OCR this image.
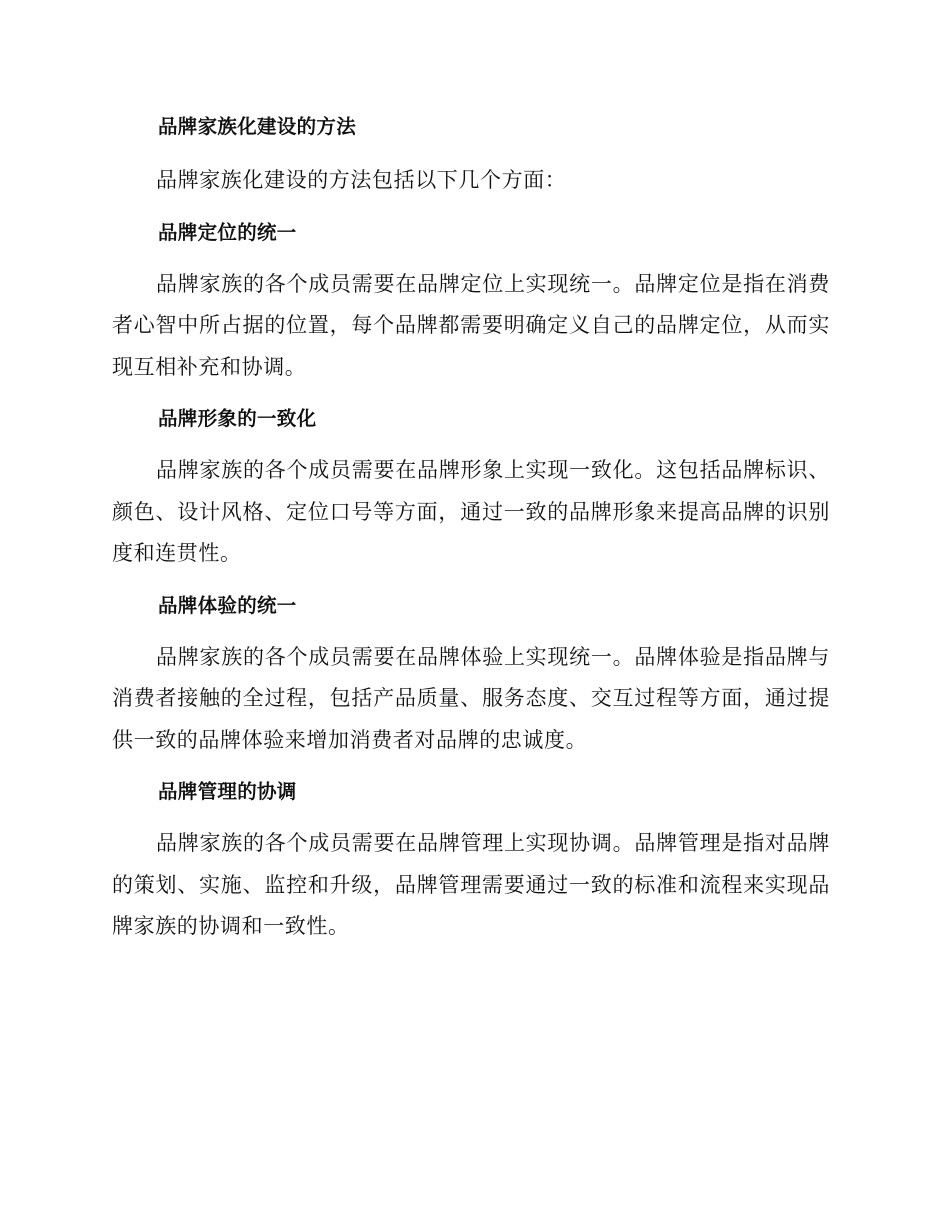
品牌家族化建设的方法

品牌家族化建设的方法包括以下几个方面：

品牌定位的统一

品牌家族的各个成员需要在品牌定位上实现统一。品牌定位是指在消费者心智中所占据的位置，每个品牌都需要明确定义自己的品牌定位，从而实现互相补充和协调。

品牌形象的一致化

品牌家族的各个成员需要在品牌形象上实现一致化。这包括品牌标识、颜色、设计风格、定位口号等方面，通过一致的品牌形象来提高品牌的识别度和连贯性。

品牌体验的统一

品牌家族的各个成员需要在品牌体验上实现统一。品牌体验是指品牌与消费者接触的全过程，包括产品质量、服务态度、交互过程等方面，通过提供一致的品牌体验来增加消费者对品牌的忠诚度。

品牌管理的协调

品牌家族的各个成员需要在品牌管理上实现协调。品牌管理是指对品牌的策划、实施、监控和升级，品牌管理需要通过一致的标准和流程来实现品牌家族的协调和一致性。
